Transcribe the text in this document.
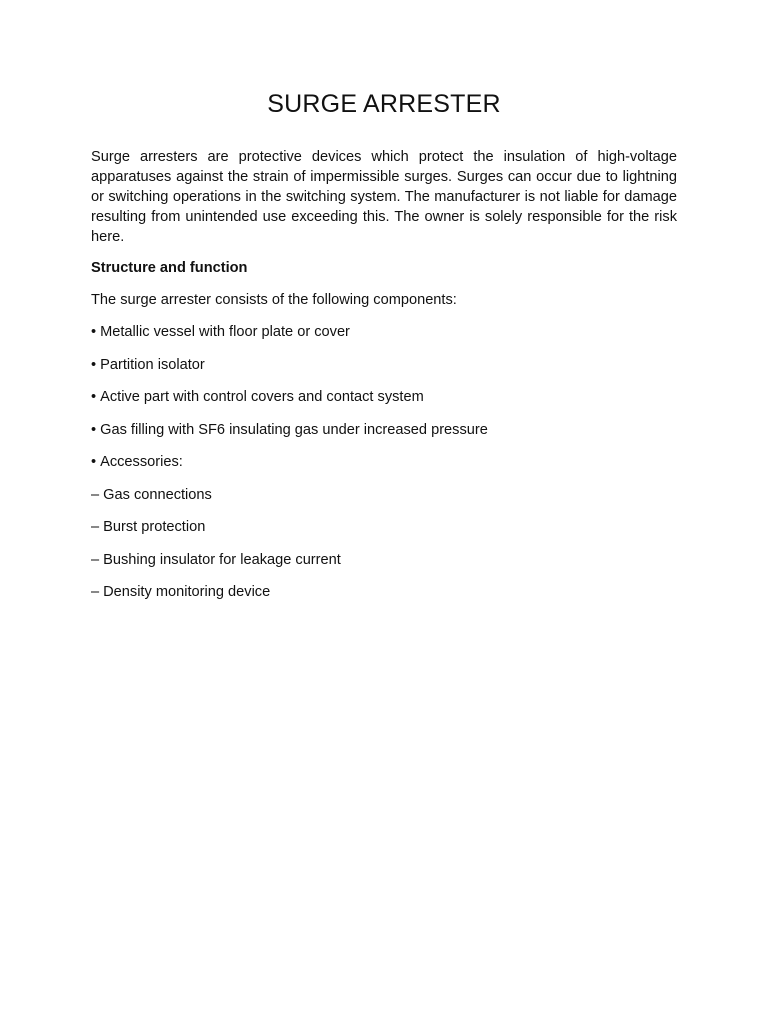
SURGE ARRESTER

Surge arresters are protective devices which protect the insulation of high-voltage apparatuses against the strain of impermissible surges. Surges can occur due to lightning or switching operations in the switching system. The manufacturer is not liable for damage resulting from unintended use exceeding this. The owner is solely responsible for the risk here.

Structure and function

The surge arrester consists of the following components:

• Metallic vessel with floor plate or cover

• Partition isolator

• Active part with control covers and contact system

• Gas filling with SF6 insulating gas under increased pressure

• Accessories:

– Gas connections

– Burst protection

– Bushing insulator for leakage current

– Density monitoring device
